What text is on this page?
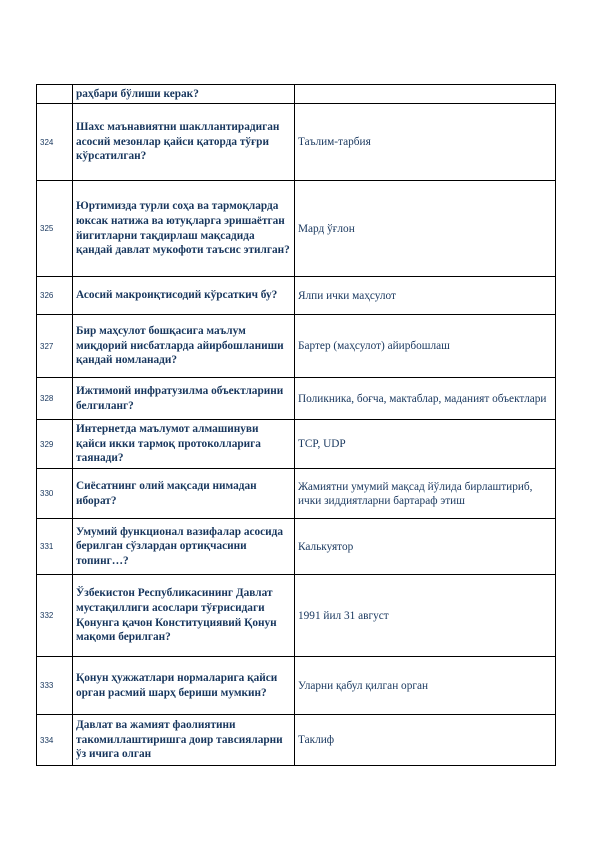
	раҳбари бўлиши керак?	
324	Шахс маънавиятни шакллантирадиган асосий мезонлар қайси қаторда тўғри кўрсатилган?	Таълим-тарбия
325	Юртимизда турли соҳа ва тармоқларда юксак натижа ва ютуқларга эришаётган йигитларни тақдирлаш мақсадида қандай давлат мукофоти таъсис этилган?	Мард ўғлон
326	Асосий макроиқтисодий кўрсаткич бу?	Ялпи ички маҳсулот
327	Бир маҳсулот бошқасига маълум миқдорий нисбатларда айирбошланиши қандай номланади?	Бартер (маҳсулот) айирбошлаш
328	Ижтимоий инфратузилма объектларини белгиланг?	Поликника, боғча, мактаблар, маданият объектлари
329	Интернетда маълумот алмашинуви қайси икки тармоқ протоколларига таянади?	TCP, UDP
330	Сиёсатнинг олий мақсади нимадан иборат?	Жамиятни умумий мақсад йўлида бирлаштириб, ички зиддиятларни бартараф этиш
331	Умумий функционал вазифалар асосида берилган сўзлардан ортиқчасини топинг…?	Калькуятор
332	Ўзбекистон Республикасининг Давлат мустақиллиги асослари тўғрисидаги Қонунга қачон Конституциявий Қонун мақоми берилган?	1991 йил 31 август
333	Қонун ҳужжатлари нормаларига қайси орган расмий шарҳ бериши мумкин?	Уларни қабул қилган орган
334	Давлат ва жамият фаолиятини такомиллаштиришга доир тавсияларни ўз ичига олган	Таклиф
